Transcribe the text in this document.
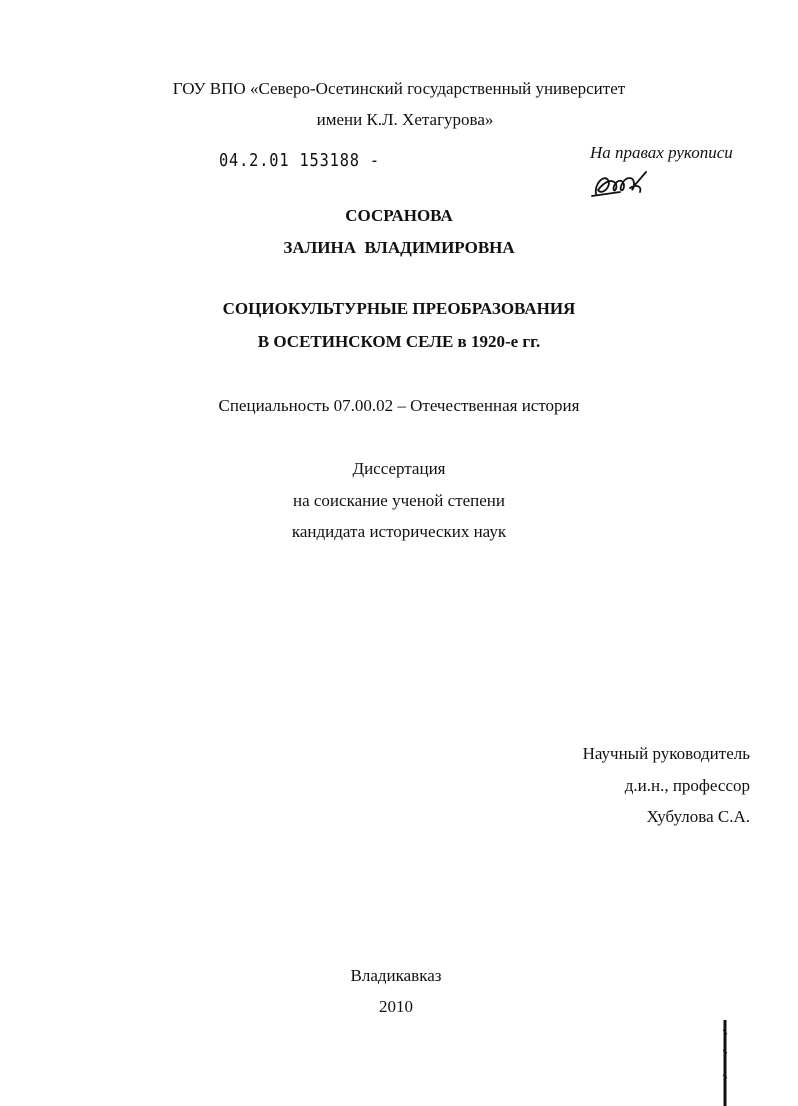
ГОУ ВПО «Северо-Осетинский государственный университет
имени К.Л. Хетагурова»
04.2.01 153188 -	На правах рукописи
СОСРАНОВА
ЗАЛИНА  ВЛАДИМИРОВНА
СОЦИОКУЛЬТУРНЫЕ ПРЕОБРАЗОВАНИЯ
В ОСЕТИНСКОМ СЕЛЕ в 1920-е гг.
Специальность 07.00.02 – Отечественная история
Диссертация
на соискание ученой степени
кандидата исторических наук
Научный руководитель
д.и.н., профессор
Хубулова С.А.
Владикавказ
2010
